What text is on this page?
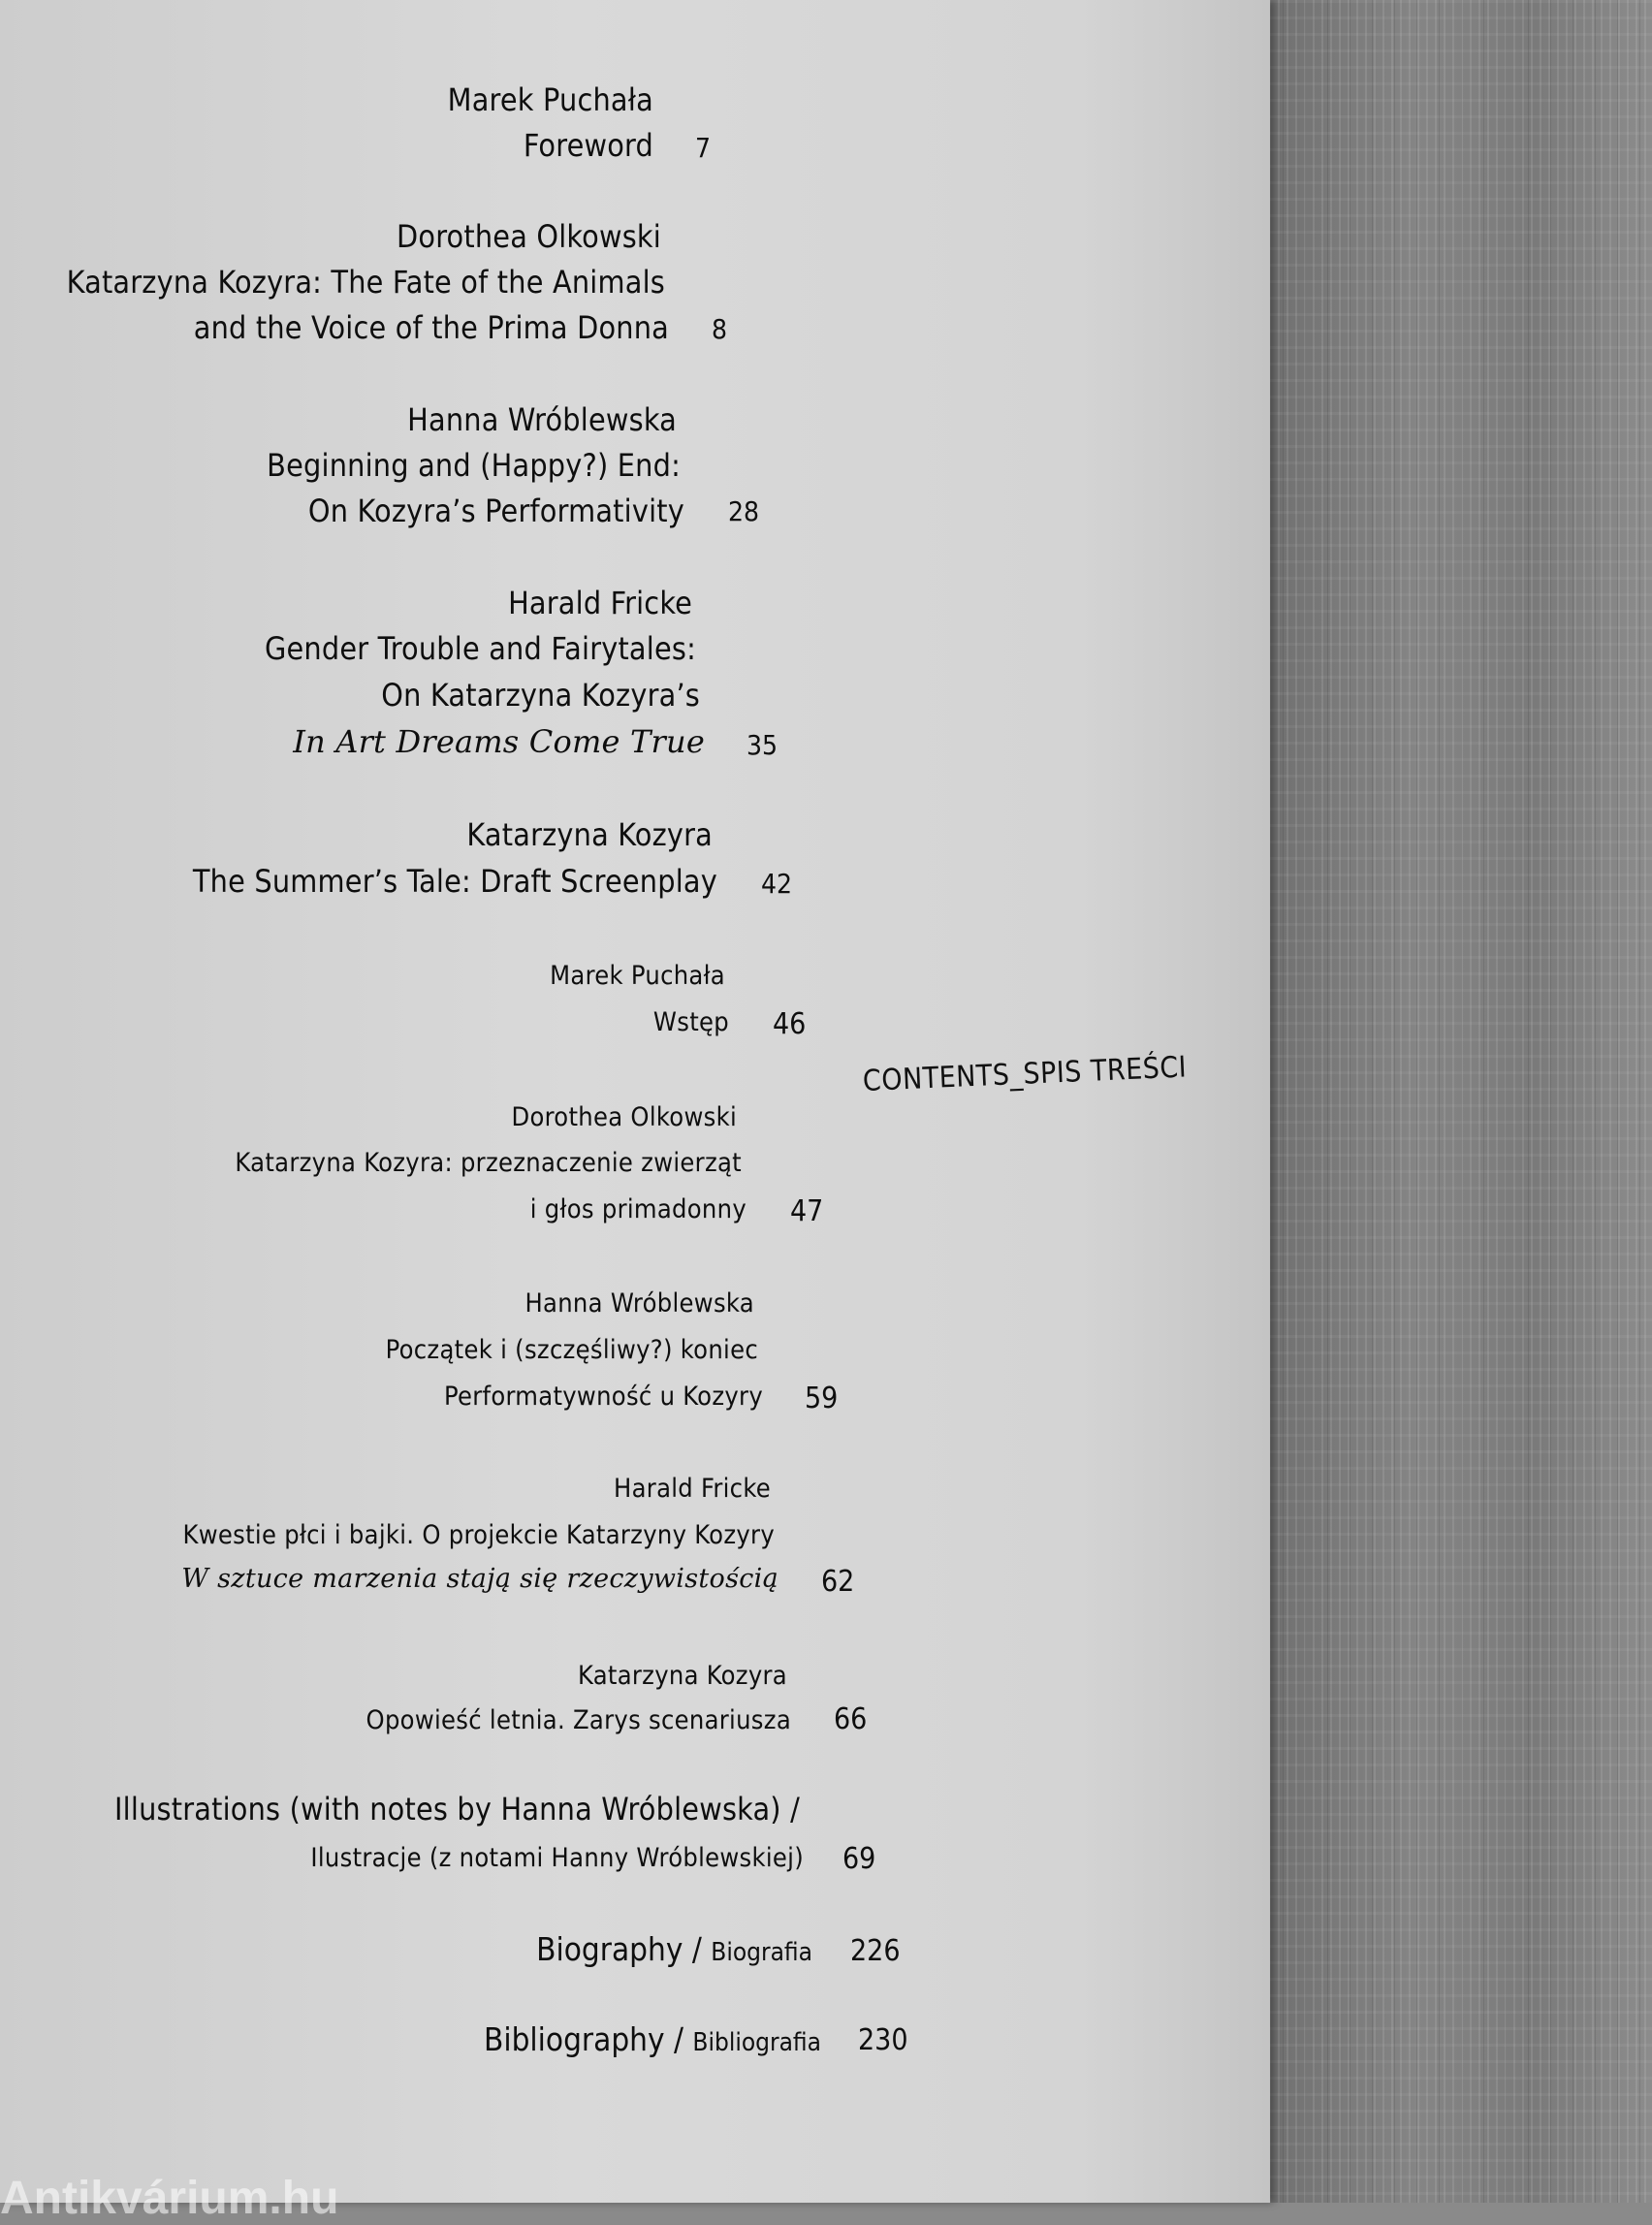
Marek Puchała
Foreword 7
Dorothea Olkowski
Katarzyna Kozyra: The Fate of the Animals
and the Voice of the Prima Donna 8
Hanna Wróblewska
Beginning and (Happy?) End:
On Kozyra’s Performativity 28
Harald Fricke
Gender Trouble and Fairytales:
On Katarzyna Kozyra’s
In Art Dreams Come True 35
Katarzyna Kozyra
The Summer’s Tale: Draft Screenplay 42
Marek Puchała
Wstęp 46
Dorothea Olkowski
Katarzyna Kozyra: przeznaczenie zwierząt
i głos primadonny 47
Hanna Wróblewska
Początek i (szczęśliwy?) koniec
Performatywność u Kozyry 59
Harald Fricke
Kwestie płci i bajki. O projekcie Katarzyny Kozyry
W sztuce marzenia stają się rzeczywistością 62
Katarzyna Kozyra
Opowieść letnia. Zarys scenariusza 66
Illustrations (with notes by Hanna Wróblewska) /
Ilustracje (z notami Hanny Wróblewskiej) 69
Biography / Biografia 226
Bibliography / Bibliografia 230
CONTENTS_SPIS TREŚCI
Antikvárium.hu
